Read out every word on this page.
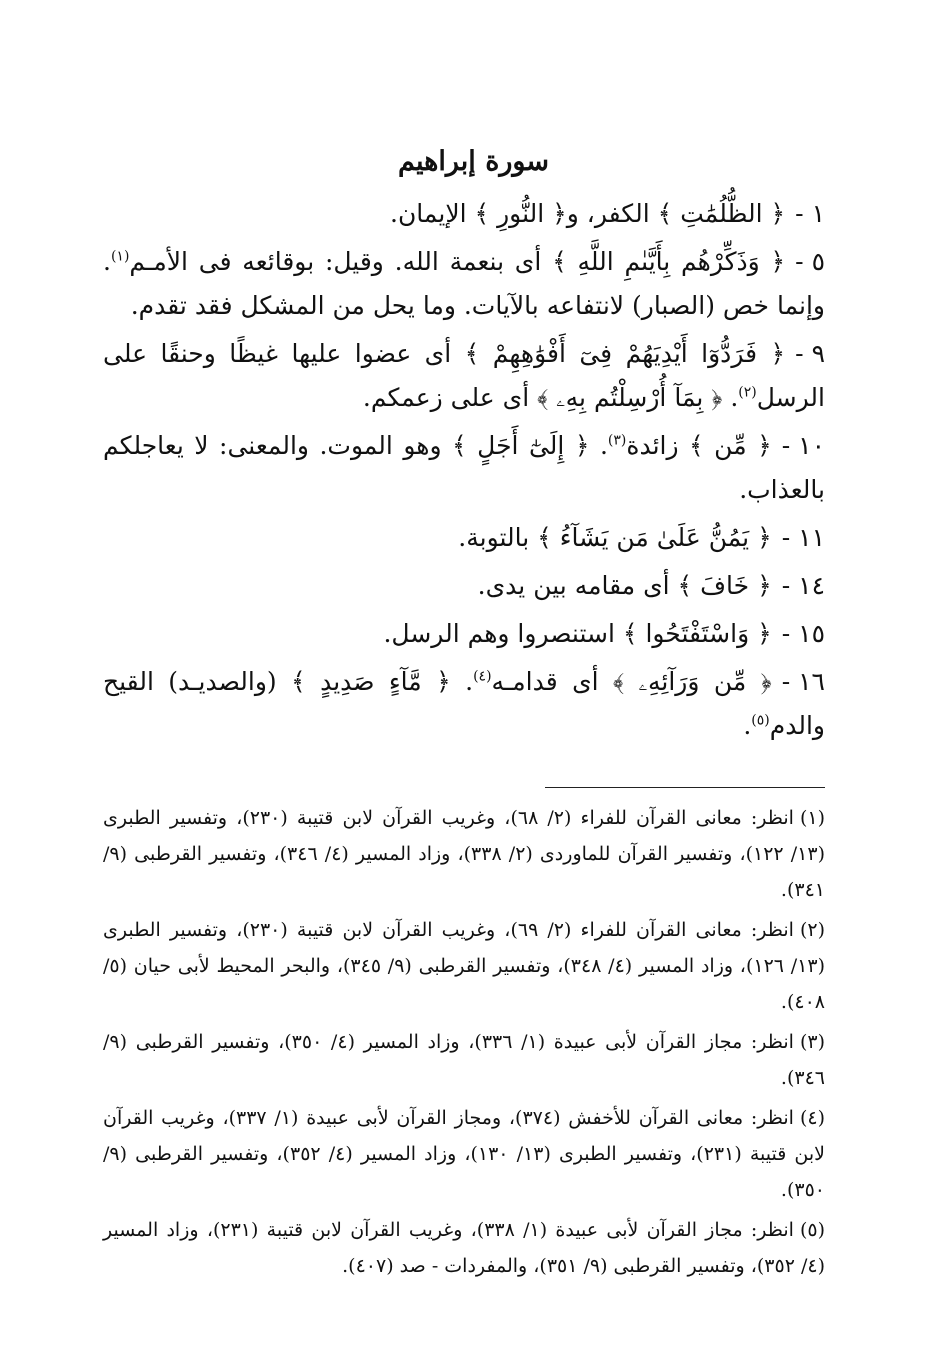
سورة إبراهيم

١ -﴿ الظُّلُمَٰتِ ﴾ الكفر، و﴿ النُّورِ ﴾ الإيمان.

٥ -﴿ وَذَكِّرْهُم بِأَيَّىٰمِ اللَّهِ ﴾ أى بنعمة الله. وقيل: بوقائعه فى الأمـم$^{(١)}$. وإنما خص (الصبار) لانتفاعه بالآيات. وما يحل من المشكل فقد تقدم.

٩ -﴿ فَرَدُّوٓا أَيْدِيَهُمْ فِىٓ أَفْوَٰهِهِمْ ﴾ أى عضوا عليها غيظًا وحنقًا على الرسل$^{(٢)}$. ﴿ بِمَآ أُرْسِلْتُم بِهِۦ ﴾ أى على زعمكم.

١٠ -﴿ مِّن ﴾ زائدة$^{(٣)}$. ﴿ إِلَىٰٓ أَجَلٍ ﴾ وهو الموت. والمعنى: لا يعاجلكم بالعذاب.

١١ -﴿ يَمُنُّ عَلَىٰ مَن يَشَآءُ ﴾ بالتوبة.

١٤ -﴿ خَافَ ﴾ أى مقامه بين يدى.

١٥ -﴿ وَاسْتَفْتَحُوا ﴾ استنصروا وهم الرسل.

١٦ -﴿ مِّن وَرَآئِهِۦ ﴾ أى قدامـه$^{(٤)}$. ﴿ مَّآءٍ صَدِيدٍ ﴾ (والصديـد) القيح والدم$^{(٥)}$.

(١)انظر: معانى القرآن للفراء (٢/ ٦٨)، وغريب القرآن لابن قتيبة (٢٣٠)، وتفسير الطبرى (١٣/ ١٢٢)، وتفسير القرآن للماوردى (٢/ ٣٣٨)، وزاد المسير (٤/ ٣٤٦)، وتفسير القرطبى (٩/ ٣٤١).

(٢)انظر: معانى القرآن للفراء (٢/ ٦٩)، وغريب القرآن لابن قتيبة (٢٣٠)، وتفسير الطبرى (١٣/ ١٢٦)، وزاد المسير (٤/ ٣٤٨)، وتفسير القرطبى (٩/ ٣٤٥)، والبحر المحيط لأبى حيان (٥/ ٤٠٨).

(٣)انظر: مجاز القرآن لأبى عبيدة (١/ ٣٣٦)، وزاد المسير (٤/ ٣٥٠)، وتفسير القرطبى (٩/ ٣٤٦).

(٤)انظر: معانى القرآن للأخفش (٣٧٤)، ومجاز القرآن لأبى عبيدة (١/ ٣٣٧)، وغريب القرآن لابن قتيبة (٢٣١)، وتفسير الطبرى (١٣/ ١٣٠)، وزاد المسير (٤/ ٣٥٢)، وتفسير القرطبى (٩/ ٣٥٠).

(٥)انظر: مجاز القرآن لأبى عبيدة (١/ ٣٣٨)، وغريب القرآن لابن قتيبة (٢٣١)، وزاد المسير (٤/ ٣٥٢)، وتفسير القرطبى (٩/ ٣٥١)، والمفردات - صد (٤٠٧).
